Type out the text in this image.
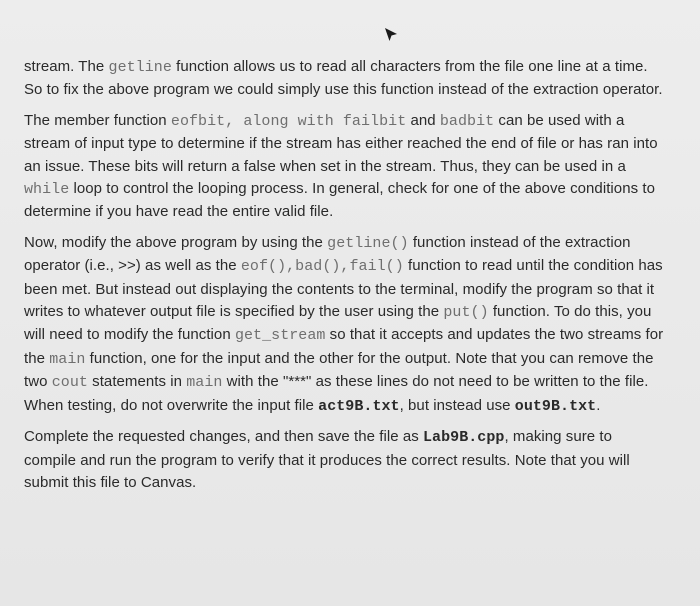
stream. The getline function allows us to read all characters from the file one line at a time. So to fix the above program we could simply use this function instead of the extraction operator.

The member function eofbit, along with failbit and badbit can be used with a stream of input type to determine if the stream has either reached the end of file or has ran into an issue. These bits will return a false when set in the stream. Thus, they can be used in a while loop to control the looping process. In general, check for one of the above conditions to determine if you have read the entire valid file.

Now, modify the above program by using the getline() function instead of the extraction operator (i.e., >>) as well as the eof(),bad(),fail() function to read until the condition has been met. But instead out displaying the contents to the terminal, modify the program so that it writes to whatever output file is specified by the user using the put() function. To do this, you will need to modify the function get_stream so that it accepts and updates the two streams for the main function, one for the input and the other for the output. Note that you can remove the two cout statements in main with the "***" as these lines do not need to be written to the file. When testing, do not overwrite the input file act9B.txt, but instead use out9B.txt.

Complete the requested changes, and then save the file as Lab9B.cpp, making sure to compile and run the program to verify that it produces the correct results. Note that you will submit this file to Canvas.
